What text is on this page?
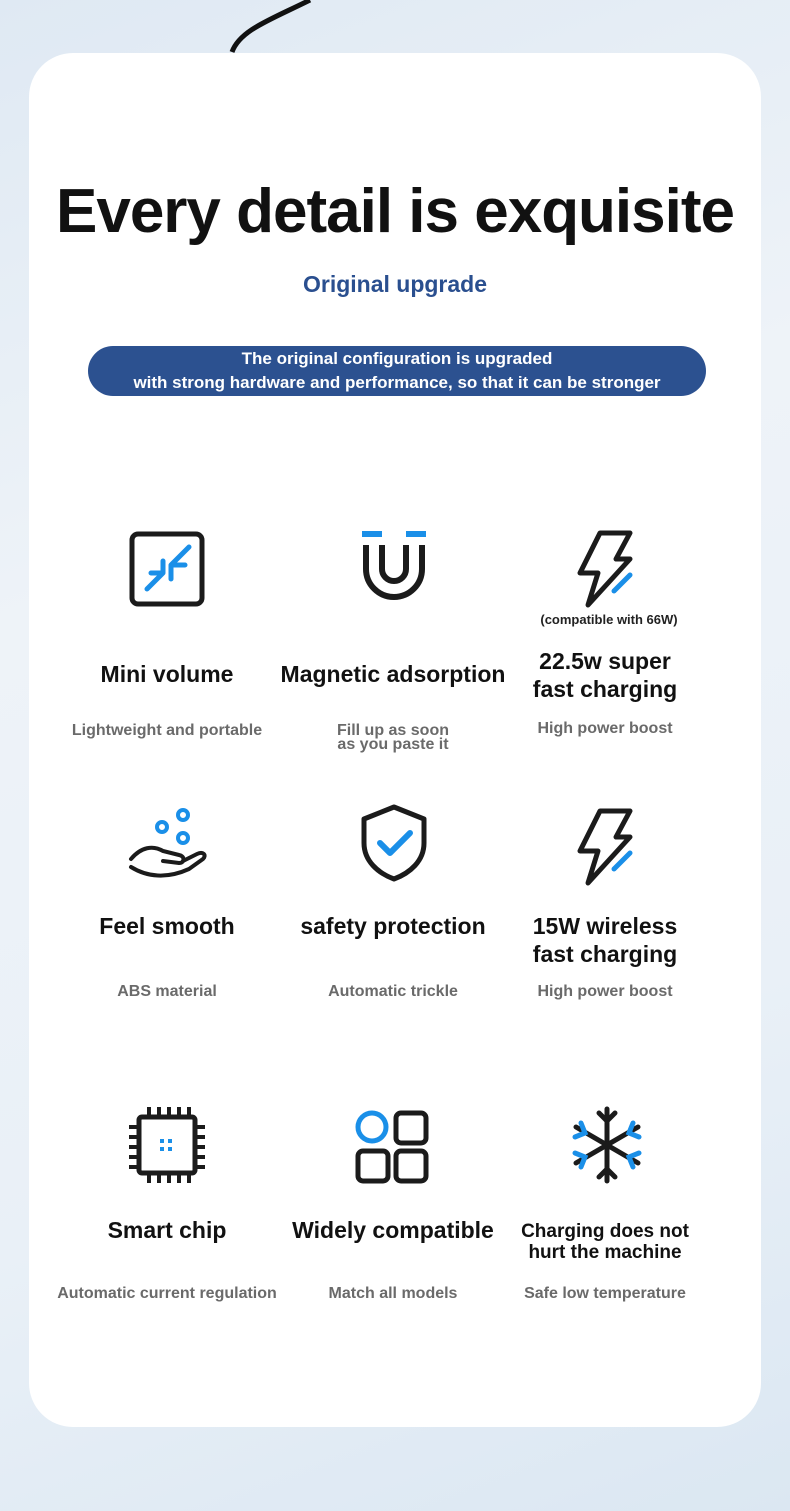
Every detail is exquisite
Original upgrade
The original configuration is upgraded
with strong hardware and performance, so that it can be stronger
Mini volume
Lightweight and portable
Magnetic adsorption
Fill up as soon
as you paste it
(compatible with 66W)
22.5w super
fast charging
High power boost
Feel smooth
ABS material
safety protection
Automatic trickle
15W wireless
fast charging
High power boost
Smart chip
Automatic current regulation
Widely compatible
Match all models
Charging does not
hurt the machine
Safe low temperature
